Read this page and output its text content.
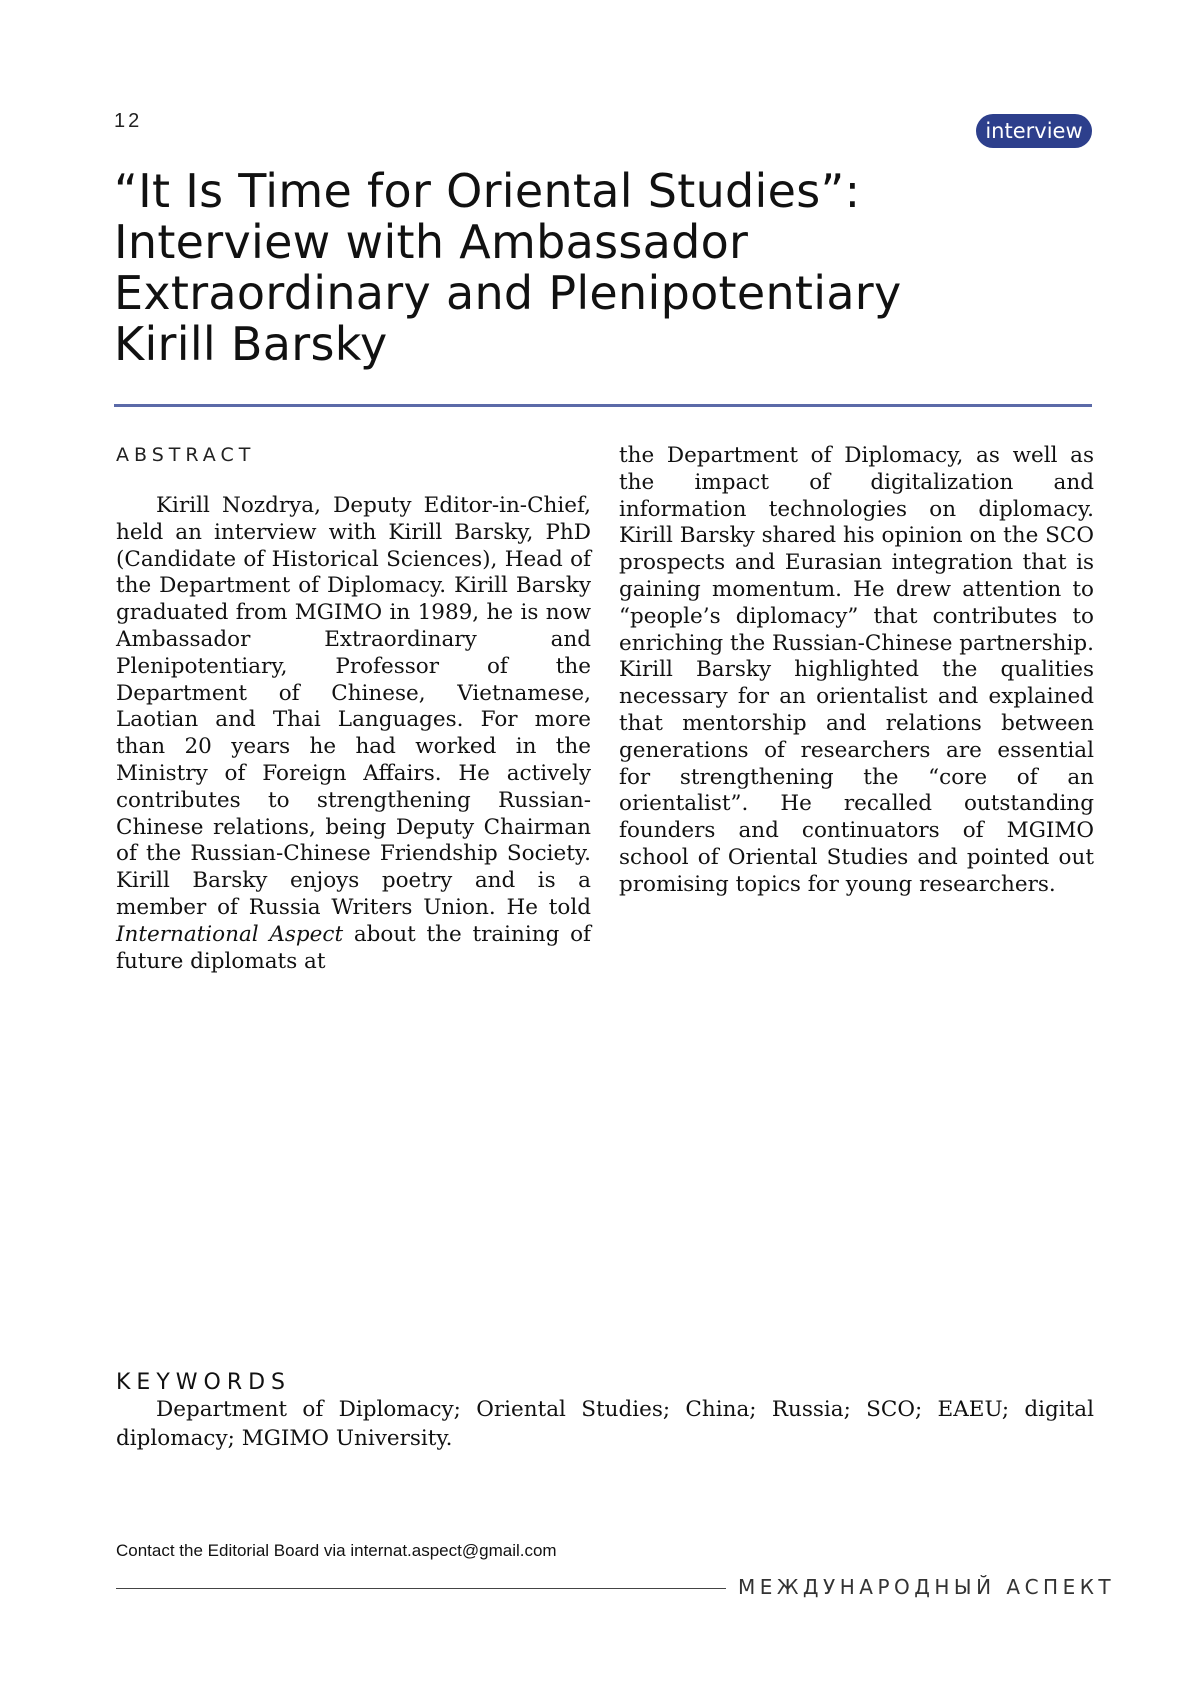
12	interview
“It Is Time for Oriental Studies”:
Interview with Ambassador
Extraordinary and Plenipotentiary
Kirill Barsky
ABSTRACT

Kirill Nozdrya, Deputy Editor-in-Chief, held an interview with Kirill Barsky, PhD (Candidate of Historical Sciences), Head of the Department of Diplomacy. Kirill Barsky graduated from MGIMO in 1989, he is now Ambassador Extraordinary and Plenipotentiary, Professor of the Department of Chinese, Vietnamese, Laotian and Thai Languages. For more than 20 years he had worked in the Ministry of Foreign Affairs. He actively contributes to strengthening Russian-Chinese relations, being Deputy Chairman of the Russian-Chinese Friendship Society. Kirill Barsky enjoys poetry and is a member of Russia Writers Union. He told International Aspect about the training of future diplomats at

the Department of Diplomacy, as well as the impact of digitalization and information technologies on diplomacy. Kirill Barsky shared his opinion on the SCO prospects and Eurasian integration that is gaining momentum. He drew attention to “people’s diplomacy” that contributes to enriching the Russian-Chinese partnership. Kirill Barsky highlighted the qualities necessary for an orientalist and explained that mentorship and relations between generations of researchers are essential for strengthening the “core of an orientalist”. He recalled outstanding founders and continuators of MGIMO school of Oriental Studies and pointed out promising topics for young researchers.

KEYWORDS

Department of Diplomacy; Oriental Studies; China; Russia; SCO; EAEU; digital diplomacy; MGIMO University.

Contact the Editorial Board via internat.aspect@gmail.com
МЕЖДУНАРОДНЫЙ АСПЕКТ
